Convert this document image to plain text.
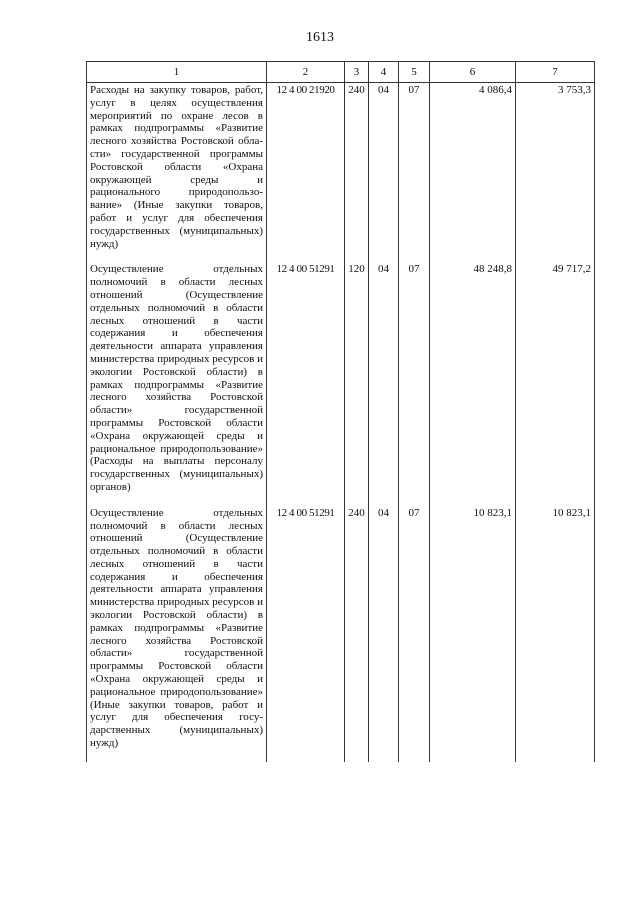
1613
1	2	3	4	5	6	7
Расходы на закупку товаров, работ, услуг в целях осуществления мероприятий по охране лесов в рамках подпрограммы «Развитие лесного хозяйства Ростовской области» государственной программы Ростовской области «Охрана окружающей среды и рационального природопользование» (Иные закупки товаров, работ и услуг для обеспечения государственных (муниципальных) нужд)	12 4 00 21920	240	04	07	4 086,4	3 753,3
Осуществление отдельных полномочий в области лесных отношений (Осуществление отдельных полномочий в области лесных отношений в части содержания и обеспечения деятельности аппарата управления министерства природных ресурсов и экологии Ростовской области) в рамках подпрограммы «Развитие лесного хозяйства Ростовской области» государственной программы Ростовской области «Охрана окружающей среды и рациональное природопользование» (Расходы на выплаты персоналу государственных (муниципальных) органов)	12 4 00 51291	120	04	07	48 248,8	49 717,2
Осуществление отдельных полномочий в области лесных отношений (Осуществление отдельных полномочий в области лесных отношений в части содержания и обеспечения деятельности аппарата управления министерства природных ресурсов и экологии Ростовской области) в рамках подпрограммы «Развитие лесного хозяйства Ростовской области» государственной программы Ростовской области «Охрана окружающей среды и рациональное природопользование» (Иные закупки товаров, работ и услуг для обеспечения государственных (муниципальных) нужд)	12 4 00 51291	240	04	07	10 823,1	10 823,1
